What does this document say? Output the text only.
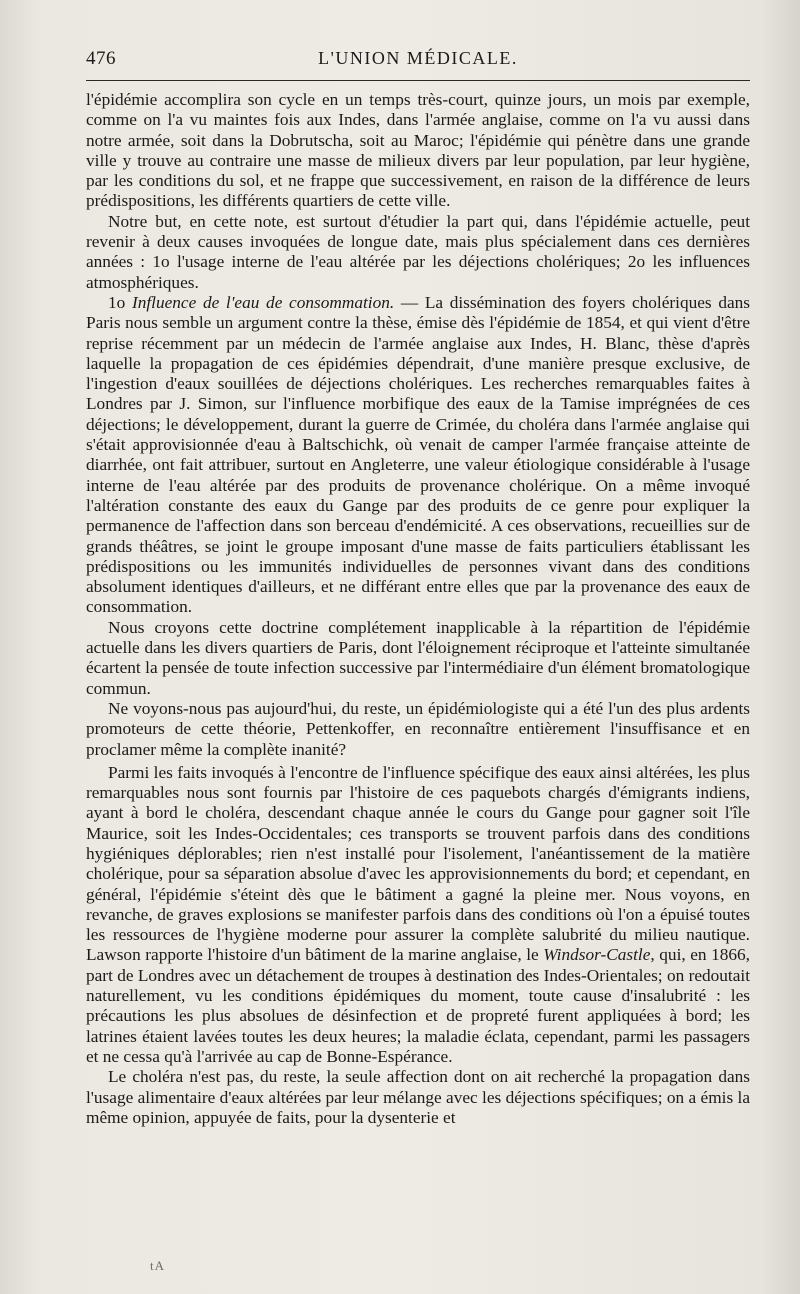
476	L'UNION MÉDICALE.

l'épidémie accomplira son cycle en un temps très-court, quinze jours, un mois par exemple, comme on l'a vu maintes fois aux Indes, dans l'armée anglaise, comme on l'a vu aussi dans notre armée, soit dans la Dobrutscha, soit au Maroc; l'épidémie qui pénètre dans une grande ville y trouve au contraire une masse de milieux divers par leur population, par leur hygiène, par les conditions du sol, et ne frappe que successivement, en raison de la différence de leurs prédispositions, les différents quartiers de cette ville.

Notre but, en cette note, est surtout d'étudier la part qui, dans l'épidémie actuelle, peut revenir à deux causes invoquées de longue date, mais plus spécialement dans ces dernières années : 1o l'usage interne de l'eau altérée par les déjections cholériques; 2o les influences atmosphériques.

1o Influence de l'eau de consommation. — La dissémination des foyers cholériques dans Paris nous semble un argument contre la thèse, émise dès l'épidémie de 1854, et qui vient d'être reprise récemment par un médecin de l'armée anglaise aux Indes, H. Blanc, thèse d'après laquelle la propagation de ces épidémies dépendrait, d'une manière presque exclusive, de l'ingestion d'eaux souillées de déjections cholériques. Les recherches remarquables faites à Londres par J. Simon, sur l'influence morbifique des eaux de la Tamise imprégnées de ces déjections; le développement, durant la guerre de Crimée, du choléra dans l'armée anglaise qui s'était approvisionnée d'eau à Baltschichk, où venait de camper l'armée française atteinte de diarrhée, ont fait attribuer, surtout en Angleterre, une valeur étiologique considérable à l'usage interne de l'eau altérée par des produits de provenance cholérique. On a même invoqué l'altération constante des eaux du Gange par des produits de ce genre pour expliquer la permanence de l'affection dans son berceau d'endémicité. A ces observations, recueillies sur de grands théâtres, se joint le groupe imposant d'une masse de faits particuliers établissant les prédispositions ou les immunités individuelles de personnes vivant dans des conditions absolument identiques d'ailleurs, et ne différant entre elles que par la provenance des eaux de consommation.

Nous croyons cette doctrine complétement inapplicable à la répartition de l'épidémie actuelle dans les divers quartiers de Paris, dont l'éloignement réciproque et l'atteinte simultanée écartent la pensée de toute infection successive par l'intermédiaire d'un élément bromatologique commun.

Ne voyons-nous pas aujourd'hui, du reste, un épidémiologiste qui a été l'un des plus ardents promoteurs de cette théorie, Pettenkoffer, en reconnaître entièrement l'insuffisance et en proclamer même la complète inanité?

Parmi les faits invoqués à l'encontre de l'influence spécifique des eaux ainsi altérées, les plus remarquables nous sont fournis par l'histoire de ces paquebots chargés d'émigrants indiens, ayant à bord le choléra, descendant chaque année le cours du Gange pour gagner soit l'île Maurice, soit les Indes-Occidentales; ces transports se trouvent parfois dans des conditions hygiéniques déplorables; rien n'est installé pour l'isolement, l'anéantissement de la matière cholérique, pour sa séparation absolue d'avec les approvisionnements du bord; et cependant, en général, l'épidémie s'éteint dès que le bâtiment a gagné la pleine mer. Nous voyons, en revanche, de graves explosions se manifester parfois dans des conditions où l'on a épuisé toutes les ressources de l'hygiène moderne pour assurer la complète salubrité du milieu nautique. Lawson rapporte l'histoire d'un bâtiment de la marine anglaise, le Windsor-Castle, qui, en 1866, part de Londres avec un détachement de troupes à destination des Indes-Orientales; on redoutait naturellement, vu les conditions épidémiques du moment, toute cause d'insalubrité : les précautions les plus absolues de désinfection et de propreté furent appliquées à bord; les latrines étaient lavées toutes les deux heures; la maladie éclata, cependant, parmi les passagers et ne cessa qu'à l'arrivée au cap de Bonne-Espérance.

Le choléra n'est pas, du reste, la seule affection dont on ait recherché la propagation dans l'usage alimentaire d'eaux altérées par leur mélange avec les déjections spécifiques; on a émis la même opinion, appuyée de faits, pour la dysenterie et

tA
